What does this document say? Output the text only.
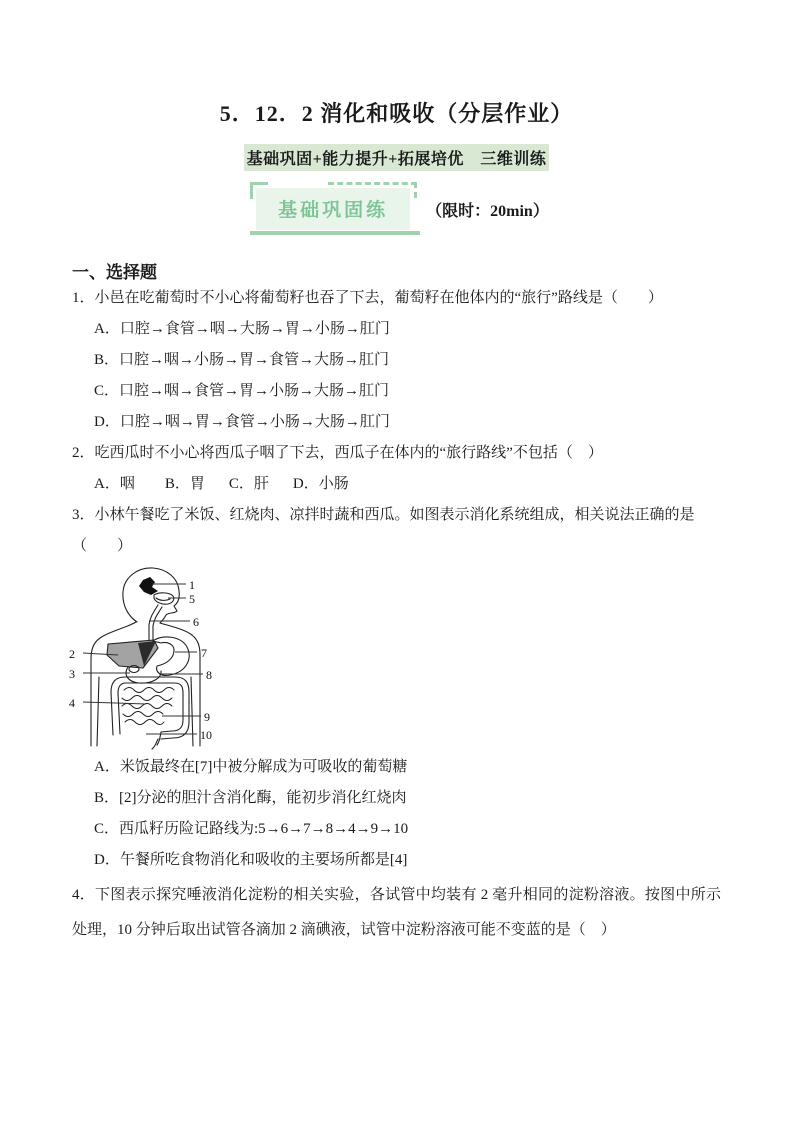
5．12．2 消化和吸收（分层作业）
基础巩固+能力提升+拓展培优　三维训练
基础巩固练	（限时：20min）
一、选择题

1．小邑在吃葡萄时不小心将葡萄籽也吞了下去，葡萄籽在他体内的“旅行”路线是（　　）

A．口腔→食管→咽→大肠→胃→小肠→肛门
B．口腔→咽→小肠→胃→食管→大肠→肛门
C．口腔→咽→食管→胃→小肠→大肠→肛门
D．口腔→咽→胃→食管→小肠→大肠→肛门

2．吃西瓜时不小心将西瓜子咽了下去，西瓜子在体内的“旅行路线”不包括（　）

A．咽 B．胃 C．肝 D．小肠

3．小林午餐吃了米饭、红烧肉、凉拌时蔬和西瓜。如图表示消化系统组成，相关说法正确的是（　　）

1
5
6
2	7
3	8
4
9
10
A．米饭最终在[7]中被分解成为可吸收的葡萄糖
B．[2]分泌的胆汁含消化酶，能初步消化红烧肉
C．西瓜籽历险记路线为:5→6→7→8→4→9→10
D．午餐所吃食物消化和吸收的主要场所都是[4]

4．下图表示探究唾液消化淀粉的相关实验，各试管中均装有 2 毫升相同的淀粉溶液。按图中所示处理，10 分钟后取出试管各滴加 2 滴碘液，试管中淀粉溶液可能不变蓝的是（　）
